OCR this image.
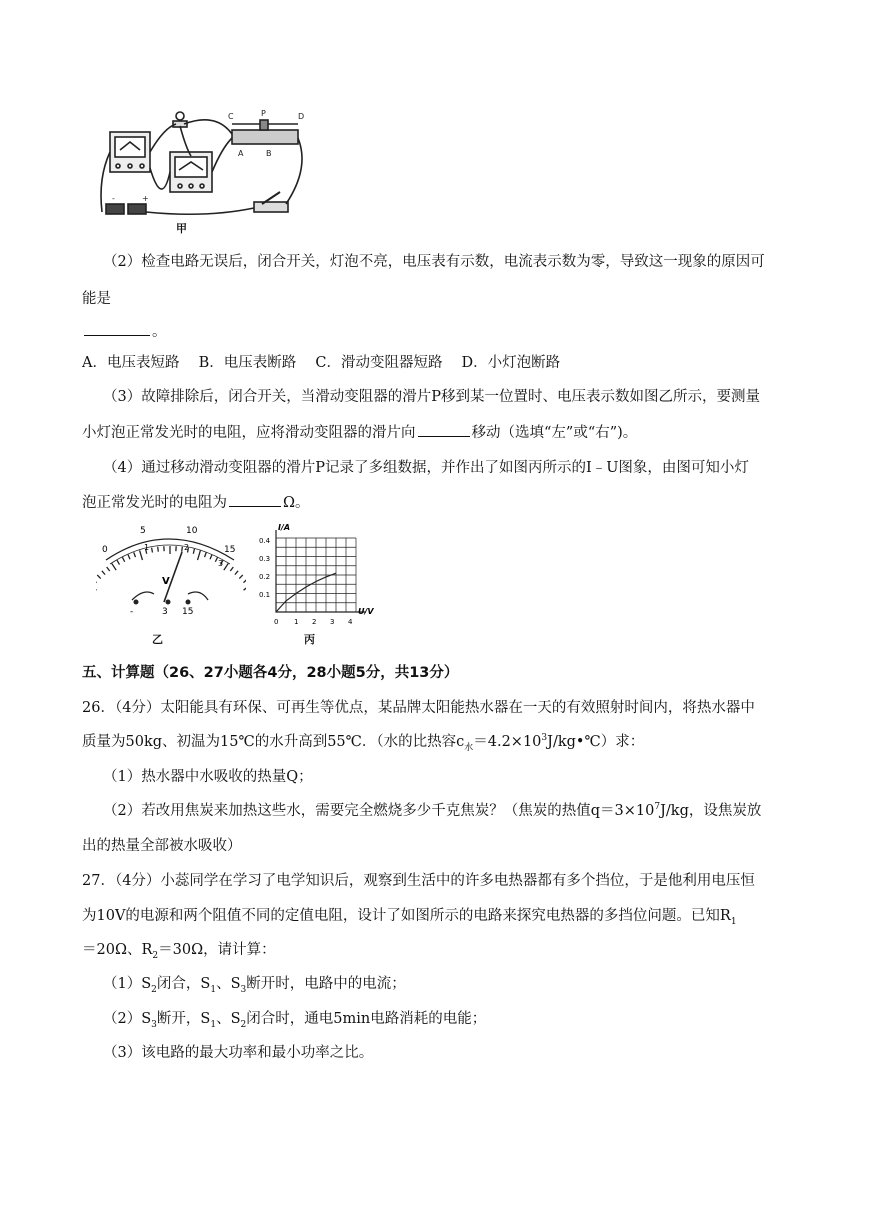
C	P	D
A	B
-	+
甲
（2）检查电路无误后，闭合开关，灯泡不亮，电压表有示数，电流表示数为零，导致这一现象的原因可
能是
。
A．电压表短路　 B．电压表断路　 C．滑动变阻器短路　 D．小灯泡断路
（3）故障排除后，闭合开关，当滑动变阻器的滑片P移到某一位置时、电压表示数如图乙所示，要测量
小灯泡正常发光时的电阻，应将滑动变阻器的滑片向	移动（选填“左”或“右”)。
（4）通过移动滑动变阻器的滑片P记录了多组数据，并作出了如图丙所示的I﹣U图象，由图可知小灯
泡正常发光时的电阻为	Ω。
0
5	10
15
1	2
3
V
-	3 15
乙
I/A
U/V
0.4
0.3
0.2
0.1
0 1 2 3 4
丙
五、计算题（26、27小题各4分，28小题5分，共13分）
26．（4分）太阳能具有环保、可再生等优点，某品牌太阳能热水器在一天的有效照射时间内，将热水器中
质量为50kg、初温为15℃的水升高到55℃．（水的比热容$c_水=4.2\times 10^3J/kg•℃$）求：
（1）热水器中水吸收的热量Q；
（2）若改用焦炭来加热这些水，需要完全燃烧多少千克焦炭？（焦炭的热值$q=3\times 10^7J/kg$，设焦炭放
出的热量全部被水吸收）
27．（4分）小蕊同学在学习了电学知识后，观察到生活中的许多电热器都有多个挡位，于是他利用电压恒
为10V的电源和两个阻值不同的定值电阻，设计了如图所示的电路来探究电热器的多挡位问题。已知$R_1$
＝20Ω、$R_2=30\Omega$，请计算：
$(1)S_2$闭合，$S_1$、$S_3$断开时，电路中的电流；
$(2)S_3$断开，$S_1$、$S_2$闭合时，通电5min电路消耗的电能；
（3）该电路的最大功率和最小功率之比。
